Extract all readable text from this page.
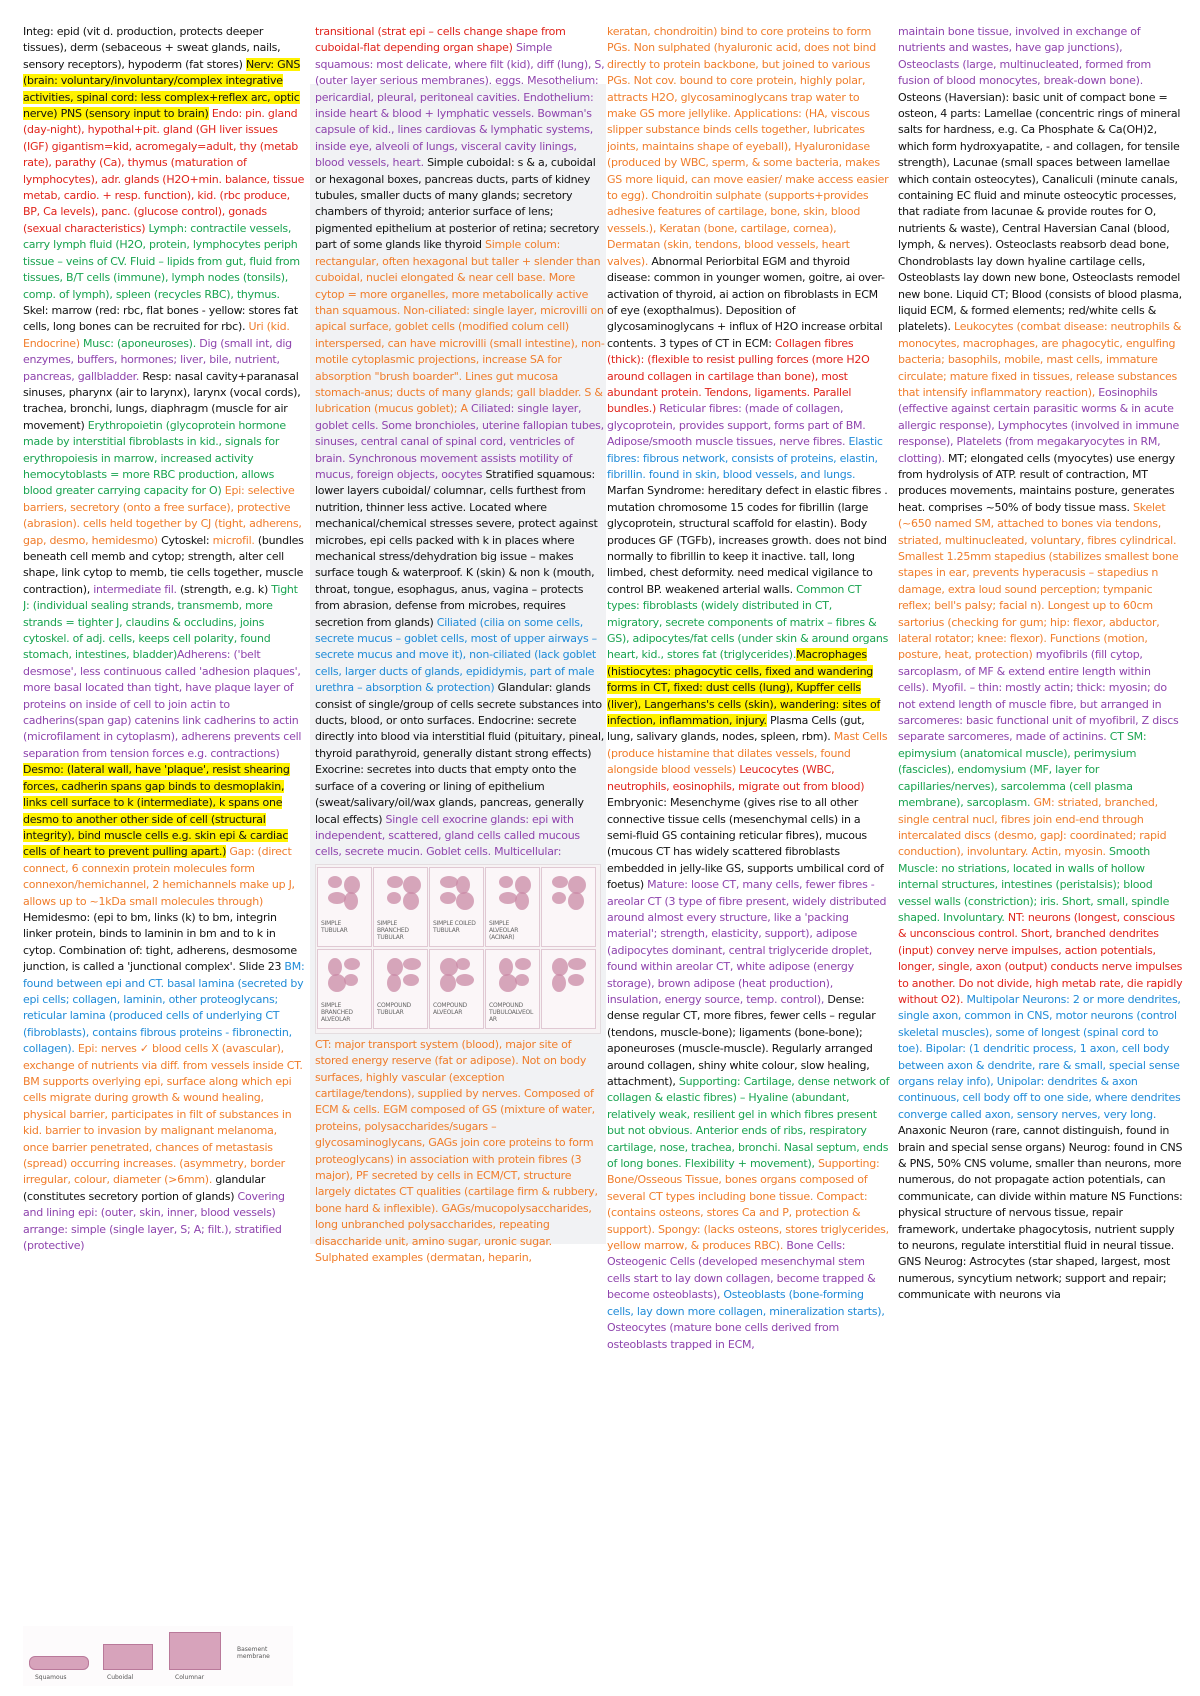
Integ: epid (vit d. production, protects deeper tissues), derm (sebaceous + sweat glands, nails, sensory receptors), hypoderm (fat stores) Nerv: GNS (brain: voluntary/involuntary/complex integrative activities, spinal cord: less complex+reflex arc, optic nerve) PNS (sensory input to brain) Endo: pin. gland (day-night), hypothal+pit. gland (GH liver issues (IGF) gigantism=kid, acromegaly=adult, thy (metab rate), parathy (Ca), thymus (maturation of lymphocytes), adr. glands (H2O+min. balance, tissue metab, cardio. + resp. function), kid. (rbc produce, BP, Ca levels), panc. (glucose control), gonads (sexual characteristics) Lymph: contractile vessels, carry lymph fluid (H2O, protein, lymphocytes periph tissue – veins of CV. Fluid – lipids from gut, fluid from tissues, B/T cells (immune), lymph nodes (tonsils), comp. of lymph), spleen (recycles RBC), thymus. Skel: marrow (red: rbc, flat bones - yellow: stores fat cells, long bones can be recruited for rbc). Uri (kid. Endocrine) Musc: (aponeuroses). Dig (small int, dig enzymes, buffers, hormones; liver, bile, nutrient, pancreas, gallbladder. Resp: nasal cavity+paranasal sinuses, pharynx (air to larynx), larynx (vocal cords), trachea, bronchi, lungs, diaphragm (muscle for air movement) Erythropoietin (glycoprotein hormone made by interstitial fibroblasts in kid., signals for erythropoiesis in marrow, increased activity hemocytoblasts = more RBC production, allows blood greater carrying capacity for O) Epi: selective barriers, secretory (onto a free surface), protective (abrasion). cells held together by CJ (tight, adherens, gap, desmo, hemidesmo) Cytoskel: microfil. (bundles beneath cell memb and cytop; strength, alter cell shape, link cytop to memb, tie cells together, muscle contraction), intermediate fil. (strength, e.g. k) Tight J: (individual sealing strands, transmemb, more strands = tighter J, claudins & occludins, joins cytoskel. of adj. cells, keeps cell polarity, found stomach, intestines, bladder)Adherens: ('belt desmose', less continuous called 'adhesion plaques', more basal located than tight, have plaque layer of proteins on inside of cell to join actin to cadherins(span gap) catenins link cadherins to actin (microfilament in cytoplasm), adherens prevents cell separation from tension forces e.g. contractions) Desmo: (lateral wall, have 'plaque', resist shearing forces, cadherin spans gap binds to desmoplakin, links cell surface to k (intermediate), k spans one desmo to another other side of cell (structural integrity), bind muscle cells e.g. skin epi & cardiac cells of heart to prevent pulling apart.) Gap: (direct connect, 6 connexin protein molecules form connexon/hemichannel, 2 hemichannels make up J, allows up to ~1kDa small molecules through) Hemidesmo: (epi to bm, links (k) to bm, integrin linker protein, binds to laminin in bm and to k in cytop. Combination of: tight, adherens, desmosome junction, is called a 'junctional complex'. Slide 23 BM: found between epi and CT. basal lamina (secreted by epi cells; collagen, laminin, other proteoglycans; reticular lamina (produced cells of underlying CT (fibroblasts), contains fibrous proteins - fibronectin, collagen). Epi: nerves ✓ blood cells X (avascular), exchange of nutrients via diff. from vessels inside CT. BM supports overlying epi, surface along which epi cells migrate during growth & wound healing, physical barrier, participates in filt of substances in kid. barrier to invasion by malignant melanoma, once barrier penetrated, chances of metastasis (spread) occurring increases. (asymmetry, border irregular, colour, diameter (>6mm). glandular (constitutes secretory portion of glands) Covering and lining epi: (outer, skin, inner, blood vessels) arrange: simple (single layer, S; A; filt.), stratified (protective)
transitional (strat epi – cells change shape from cuboidal-flat depending organ shape) Simple squamous: most delicate, where filt (kid), diff (lung), S, (outer layer serious membranes). eggs. Mesothelium: pericardial, pleural, peritoneal cavities. Endothelium: inside heart & blood + lymphatic vessels. Bowman's capsule of kid., lines cardiovas & lymphatic systems, inside eye, alveoli of lungs, visceral cavity linings, blood vessels, heart. Simple cuboidal: s & a, cuboidal or hexagonal boxes, pancreas ducts, parts of kidney tubules, smaller ducts of many glands; secretory chambers of thyroid; anterior surface of lens; pigmented epithelium at posterior of retina; secretory part of some glands like thyroid Simple colum: rectangular, often hexagonal but taller + slender than cuboidal, nuclei elongated & near cell base. More cytop = more organelles, more metabolically active than squamous. Non-ciliated: single layer, microvilli on apical surface, goblet cells (modified colum cell) interspersed, can have microvilli (small intestine), non-motile cytoplasmic projections, increase SA for absorption "brush boarder". Lines gut mucosa stomach-anus; ducts of many glands; gall bladder. S & lubrication (mucus goblet); A Ciliated: single layer, goblet cells. Some bronchioles, uterine fallopian tubes, sinuses, central canal of spinal cord, ventricles of brain. Synchronous movement assists motility of mucus, foreign objects, oocytes Stratified squamous: lower layers cuboidal/ columnar, cells furthest from nutrition, thinner less active. Located where mechanical/chemical stresses severe, protect against microbes, epi cells packed with k in places where mechanical stress/dehydration big issue – makes surface tough & waterproof. K (skin) & non k (mouth, throat, tongue, esophagus, anus, vagina – protects from abrasion, defense from microbes, requires secretion from glands) Ciliated (cilia on some cells, secrete mucus – goblet cells, most of upper airways – secrete mucus and move it), non-ciliated (lack goblet cells, larger ducts of glands, epididymis, part of male urethra – absorption & protection) Glandular: glands consist of single/group of cells secrete substances into ducts, blood, or onto surfaces. Endocrine: secrete directly into blood via interstitial fluid (pituitary, pineal, thyroid parathyroid, generally distant strong effects) Exocrine: secretes into ducts that empty onto the surface of a covering or lining of epithelium (sweat/salivary/oil/wax glands, pancreas, generally local effects) Single cell exocrine glands: epi with independent, scattered, gland cells called mucous cells, secrete mucin. Goblet cells. Multicellular:
SIMPLE TUBULAR
SIMPLE BRANCHED TUBULAR
SIMPLE COILED TUBULAR
SIMPLE ALVEOLAR (ACINAR)
SIMPLE BRANCHED ALVEOLAR
COMPOUND TUBULAR
COMPOUND ALVEOLAR
COMPOUND TUBULOALVEOLAR
CT: major transport system (blood), major site of stored energy reserve (fat or adipose). Not on body surfaces, highly vascular (exception cartilage/tendons), supplied by nerves. Composed of ECM & cells. EGM composed of GS (mixture of water, proteins, polysaccharides/sugars – glycosaminoglycans, GAGs join core proteins to form proteoglycans) in association with protein fibres (3 major), PF secreted by cells in ECM/CT, structure largely dictates CT qualities (cartilage firm & rubbery, bone hard & inflexible). GAGs/mucopolysaccharides, long unbranched polysaccharides, repeating disaccharide unit, amino sugar, uronic sugar. Sulphated examples (dermatan, heparin,
keratan, chondroitin) bind to core proteins to form PGs. Non sulphated (hyaluronic acid, does not bind directly to protein backbone, but joined to various PGs. Not cov. bound to core protein, highly polar, attracts H2O, glycosaminoglycans trap water to make GS more jellylike. Applications: (HA, viscous slipper substance binds cells together, lubricates joints, maintains shape of eyeball), Hyaluronidase (produced by WBC, sperm, & some bacteria, makes GS more liquid, can move easier/ make access easier to egg). Chondroitin sulphate (supports+provides adhesive features of cartilage, bone, skin, blood vessels.), Keratan (bone, cartilage, cornea), Dermatan (skin, tendons, blood vessels, heart valves). Abnormal Periorbital EGM and thyroid disease: common in younger women, goitre, ai over-activation of thyroid, ai action on fibroblasts in ECM of eye (exopthalmus). Deposition of glycosaminoglycans + influx of H2O increase orbital contents. 3 types of CT in ECM: Collagen fibres (thick): (flexible to resist pulling forces (more H2O around collagen in cartilage than bone), most abundant protein. Tendons, ligaments. Parallel bundles.) Reticular fibres: (made of collagen, glycoprotein, provides support, forms part of BM. Adipose/smooth muscle tissues, nerve fibres. Elastic fibres: fibrous network, consists of proteins, elastin, fibrillin. found in skin, blood vessels, and lungs. Marfan Syndrome: hereditary defect in elastic fibres . mutation chromosome 15 codes for fibrillin (large glycoprotein, structural scaffold for elastin). Body produces GF (TGFb), increases growth. does not bind normally to fibrillin to keep it inactive. tall, long limbed, chest deformity. need medical vigilance to control BP. weakened arterial walls. Common CT types: fibroblasts (widely distributed in CT, migratory, secrete components of matrix – fibres & GS), adipocytes/fat cells (under skin & around organs heart, kid., stores fat (triglycerides).Macrophages (histiocytes: phagocytic cells, fixed and wandering forms in CT, fixed: dust cells (lung), Kupffer cells (liver), Langerhans's cells (skin), wandering: sites of infection, inflammation, injury. Plasma Cells (gut, lung, salivary glands, nodes, spleen, rbm). Mast Cells (produce histamine that dilates vessels, found alongside blood vessels) Leucocytes (WBC, neutrophils, eosinophils, migrate out from blood) Embryonic: Mesenchyme (gives rise to all other connective tissue cells (mesenchymal cells) in a semi-fluid GS containing reticular fibres), mucous (mucous CT has widely scattered fibroblasts embedded in jelly-like GS, supports umbilical cord of foetus) Mature: loose CT, many cells, fewer fibres - areolar CT (3 type of fibre present, widely distributed around almost every structure, like a 'packing material'; strength, elasticity, support), adipose (adipocytes dominant, central triglyceride droplet, found within areolar CT, white adipose (energy storage), brown adipose (heat production), insulation, energy source, temp. control), Dense: dense regular CT, more fibres, fewer cells – regular (tendons, muscle-bone); ligaments (bone-bone); aponeuroses (muscle-muscle). Regularly arranged around collagen, shiny white colour, slow healing, attachment), Supporting: Cartilage, dense network of collagen & elastic fibres) – Hyaline (abundant, relatively weak, resilient gel in which fibres present but not obvious. Anterior ends of ribs, respiratory cartilage, nose, trachea, bronchi. Nasal septum, ends of long bones. Flexibility + movement), Supporting: Bone/Osseous Tissue, bones organs composed of several CT types including bone tissue. Compact: (contains osteons, stores Ca and P, protection & support). Spongy: (lacks osteons, stores triglycerides, yellow marrow, & produces RBC). Bone Cells: Osteogenic Cells (developed mesenchymal stem cells start to lay down collagen, become trapped & become osteoblasts), Osteoblasts (bone-forming cells, lay down more collagen, mineralization starts), Osteocytes (mature bone cells derived from osteoblasts trapped in ECM,
maintain bone tissue, involved in exchange of nutrients and wastes, have gap junctions), Osteoclasts (large, multinucleated, formed from fusion of blood monocytes, break-down bone). Osteons (Haversian): basic unit of compact bone = osteon, 4 parts: Lamellae (concentric rings of mineral salts for hardness, e.g. Ca Phosphate & Ca(OH)2, which form hydroxyapatite, - and collagen, for tensile strength), Lacunae (small spaces between lamellae which contain osteocytes), Canaliculi (minute canals, containing EC fluid and minute osteocytic processes, that radiate from lacunae & provide routes for O, nutrients & waste), Central Haversian Canal (blood, lymph, & nerves). Osteoclasts reabsorb dead bone, Chondroblasts lay down hyaline cartilage cells, Osteoblasts lay down new bone, Osteoclasts remodel new bone. Liquid CT; Blood (consists of blood plasma, liquid ECM, & formed elements; red/white cells & platelets). Leukocytes (combat disease: neutrophils & monocytes, macrophages, are phagocytic, engulfing bacteria; basophils, mobile, mast cells, immature circulate; mature fixed in tissues, release substances that intensify inflammatory reaction), Eosinophils (effective against certain parasitic worms & in acute allergic response), Lymphocytes (involved in immune response), Platelets (from megakaryocytes in RM, clotting). MT; elongated cells (myocytes) use energy from hydrolysis of ATP. result of contraction, MT produces movements, maintains posture, generates heat. comprises ~50% of body tissue mass. Skelet (~650 named SM, attached to bones via tendons, striated, multinucleated, voluntary, fibres cylindrical. Smallest 1.25mm stapedius (stabilizes smallest bone stapes in ear, prevents hyperacusis – stapedius n damage, extra loud sound perception; tympanic reflex; bell's palsy; facial n). Longest up to 60cm sartorius (checking for gum; hip: flexor, abductor, lateral rotator; knee: flexor). Functions (motion, posture, heat, protection) myofibrils (fill cytop, sarcoplasm, of MF & extend entire length within cells). Myofil. – thin: mostly actin; thick: myosin; do not extend length of muscle fibre, but arranged in sarcomeres: basic functional unit of myofibril, Z discs separate sarcomeres, made of actinins. CT SM: epimysium (anatomical muscle), perimysium (fascicles), endomysium (MF, layer for capillaries/nerves), sarcolemma (cell plasma membrane), sarcoplasm. GM: striated, branched, single central nucl, fibres join end-end through intercalated discs (desmo, gapJ: coordinated; rapid conduction), involuntary. Actin, myosin. Smooth Muscle: no striations, located in walls of hollow internal structures, intestines (peristalsis); blood vessel walls (constriction); iris. Short, small, spindle shaped. Involuntary. NT: neurons (longest, conscious & unconscious control. Short, branched dendrites (input) convey nerve impulses, action potentials, longer, single, axon (output) conducts nerve impulses to another. Do not divide, high metab rate, die rapidly without O2). Multipolar Neurons: 2 or more dendrites, single axon, common in CNS, motor neurons (control skeletal muscles), some of longest (spinal cord to toe). Bipolar: (1 dendritic process, 1 axon, cell body between axon & dendrite, rare & small, special sense organs relay info), Unipolar: dendrites & axon continuous, cell body off to one side, where dendrites converge called axon, sensory nerves, very long. Anaxonic Neuron (rare, cannot distinguish, found in brain and special sense organs) Neurog: found in CNS & PNS, 50% CNS volume, smaller than neurons, more numerous, do not propagate action potentials, can communicate, can divide within mature NS Functions: physical structure of nervous tissue, repair framework, undertake phagocytosis, nutrient supply to neurons, regulate interstitial fluid in neural tissue. GNS Neurog: Astrocytes (star shaped, largest, most numerous, syncytium network; support and repair; communicate with neurons via
Squamous	Cuboidal	Columnar
Basement membrane
